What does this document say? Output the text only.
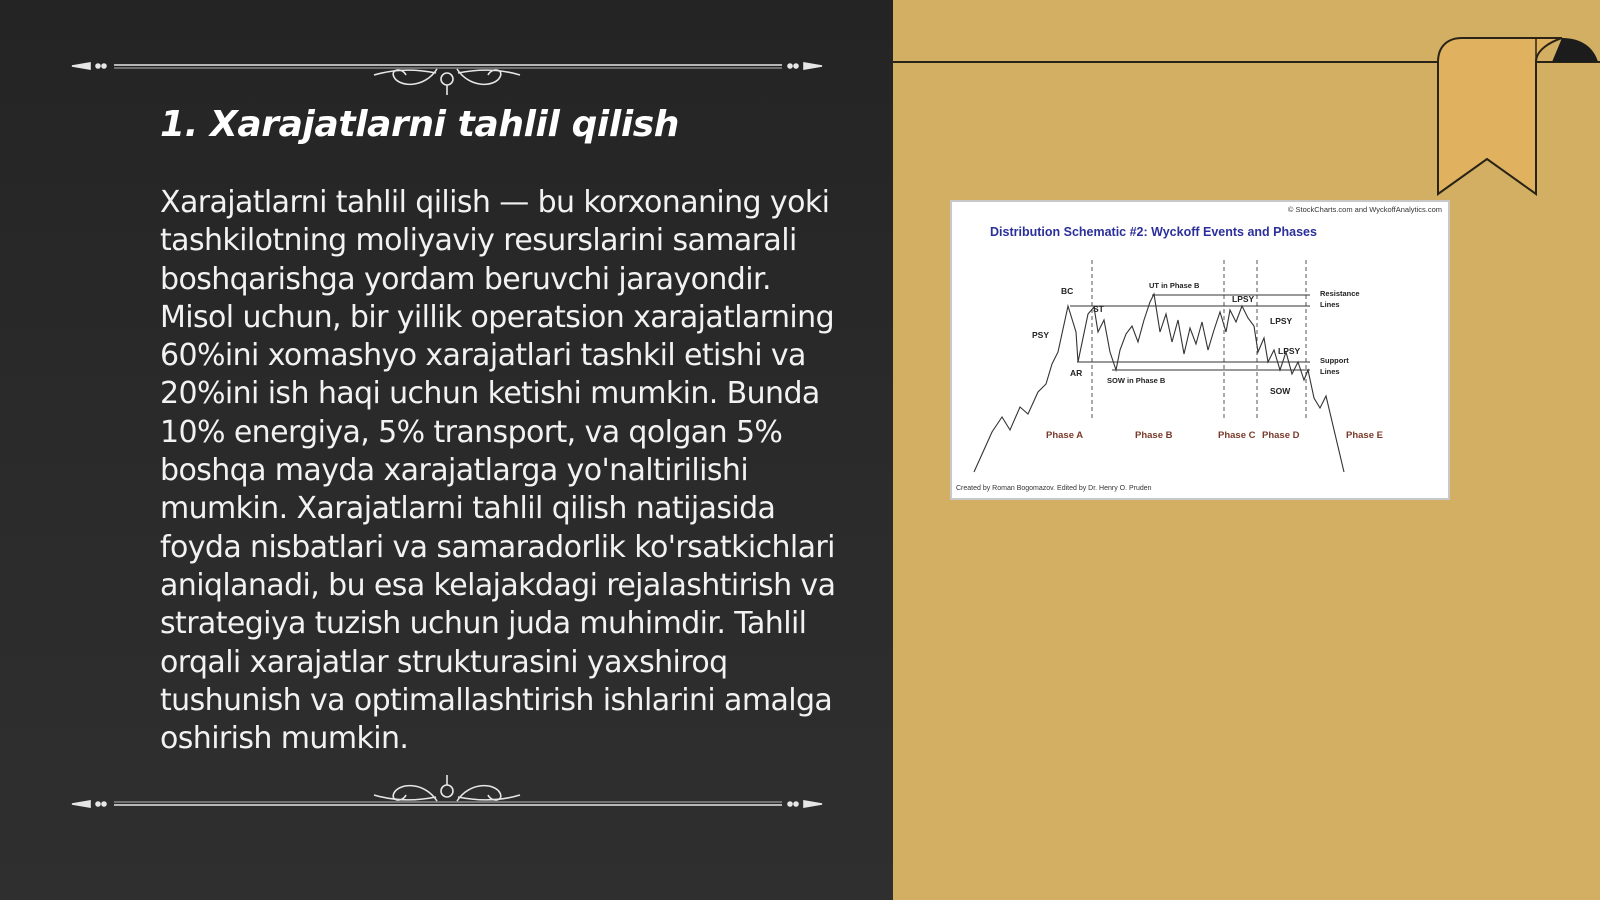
1. Xarajatlarni tahlil qilish

Xarajatlarni tahlil qilish — bu korxonaning yoki tashkilotning moliyaviy resurslarini samarali boshqarishga yordam beruvchi jarayondir. Misol uchun, bir yillik operatsion xarajatlarning 60%ini xomashyo xarajatlari tashkil etishi va 20%ini ish haqi uchun ketishi mumkin. Bunda 10% energiya, 5% transport, va qolgan 5% boshqa mayda xarajatlarga yo'naltirilishi mumkin. Xarajatlarni tahlil qilish natijasida foyda nisbatlari va samaradorlik ko'rsatkichlari aniqlanadi, bu esa kelajakdagi rejalashtirish va strategiya tuzish uchun juda muhimdir. Tahlil orqali xarajatlar strukturasini yaxshiroq tushunish va optimallashtirish ishlarini amalga oshirish mumkin.

© StockCharts.com and WyckoffAnalytics.com
Distribution Schematic #2: Wyckoff Events and Phases
BC
ST
PSY
AR
UT in Phase B
LPSY
LPSY
LPSY
SOW in Phase B
SOW
Resistance
Lines
Support
Lines
Phase A	Phase B	Phase C Phase D	Phase E
Created by Roman Bogomazov. Edited by Dr. Henry O. Pruden
